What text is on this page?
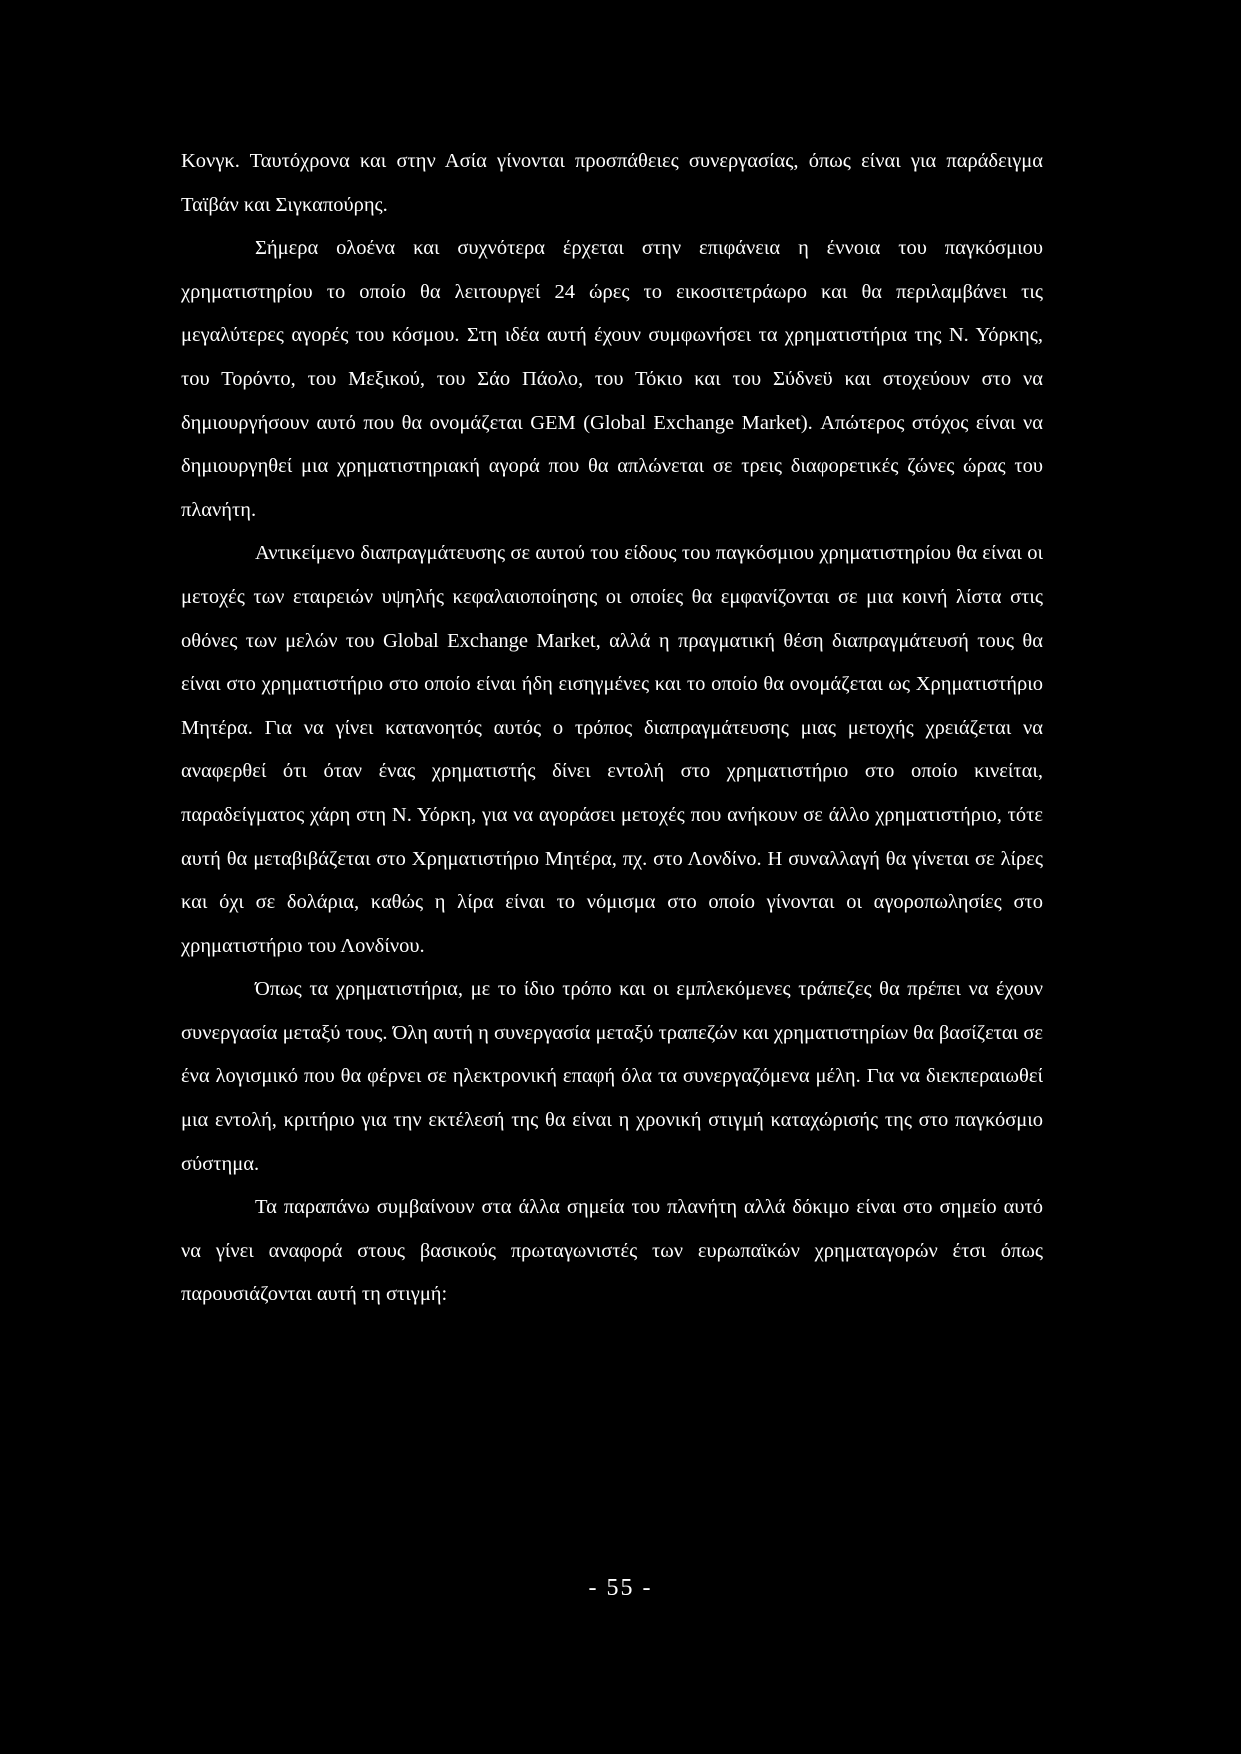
Κονγκ. Ταυτόχρονα και στην Ασία γίνονται προσπάθειες συνεργασίας, όπως είναι για παράδειγμα Ταϊβάν και Σιγκαπούρης.

Σήμερα ολοένα και συχνότερα έρχεται στην επιφάνεια η έννοια του παγκόσμιου χρηματιστηρίου το οποίο θα λειτουργεί 24 ώρες το εικοσιτετράωρο και θα περιλαμβάνει τις μεγαλύτερες αγορές του κόσμου. Στη ιδέα αυτή έχουν συμφωνήσει τα χρηματιστήρια της Ν. Υόρκης, του Τορόντο, του Μεξικού, του Σάο Πάολο, του Τόκιο και του Σύδνεϋ και στοχεύουν στο να δημιουργήσουν αυτό που θα ονομάζεται GEM (Global Exchange Market). Απώτερος στόχος είναι να δημιουργηθεί μια χρηματιστηριακή αγορά που θα απλώνεται σε τρεις διαφορετικές ζώνες ώρας του πλανήτη.

Αντικείμενο διαπραγμάτευσης σε αυτού του είδους του παγκόσμιου χρηματιστηρίου θα είναι οι μετοχές των εταιρειών υψηλής κεφαλαιοποίησης οι οποίες θα εμφανίζονται σε μια κοινή λίστα στις οθόνες των μελών του Global Exchange Market, αλλά η πραγματική θέση διαπραγμάτευσή τους θα είναι στο χρηματιστήριο στο οποίο είναι ήδη εισηγμένες και το οποίο θα ονομάζεται ως Χρηματιστήριο Μητέρα. Για να γίνει κατανοητός αυτός ο τρόπος διαπραγμάτευσης μιας μετοχής χρειάζεται να αναφερθεί ότι όταν ένας χρηματιστής δίνει εντολή στο χρηματιστήριο στο οποίο κινείται, παραδείγματος χάρη στη Ν. Υόρκη, για να αγοράσει μετοχές που ανήκουν σε άλλο χρηματιστήριο, τότε αυτή θα μεταβιβάζεται στο Χρηματιστήριο Μητέρα, πχ. στο Λονδίνο. Η συναλλαγή θα γίνεται σε λίρες και όχι σε δολάρια, καθώς η λίρα είναι το νόμισμα στο οποίο γίνονται οι αγοροπωλησίες στο χρηματιστήριο του Λονδίνου.

Όπως τα χρηματιστήρια, με το ίδιο τρόπο και οι εμπλεκόμενες τράπεζες θα πρέπει να έχουν συνεργασία μεταξύ τους. Όλη αυτή η συνεργασία μεταξύ τραπεζών και χρηματιστηρίων θα βασίζεται σε ένα λογισμικό που θα φέρνει σε ηλεκτρονική επαφή όλα τα συνεργαζόμενα μέλη. Για να διεκπεραιωθεί μια εντολή, κριτήριο για την εκτέλεσή της θα είναι η χρονική στιγμή καταχώρισής της στο παγκόσμιο σύστημα.

Τα παραπάνω συμβαίνουν στα άλλα σημεία του πλανήτη αλλά δόκιμο είναι στο σημείο αυτό να γίνει αναφορά στους βασικούς πρωταγωνιστές των ευρωπαϊκών χρηματαγορών έτσι όπως παρουσιάζονται αυτή τη στιγμή:

- 55 -
